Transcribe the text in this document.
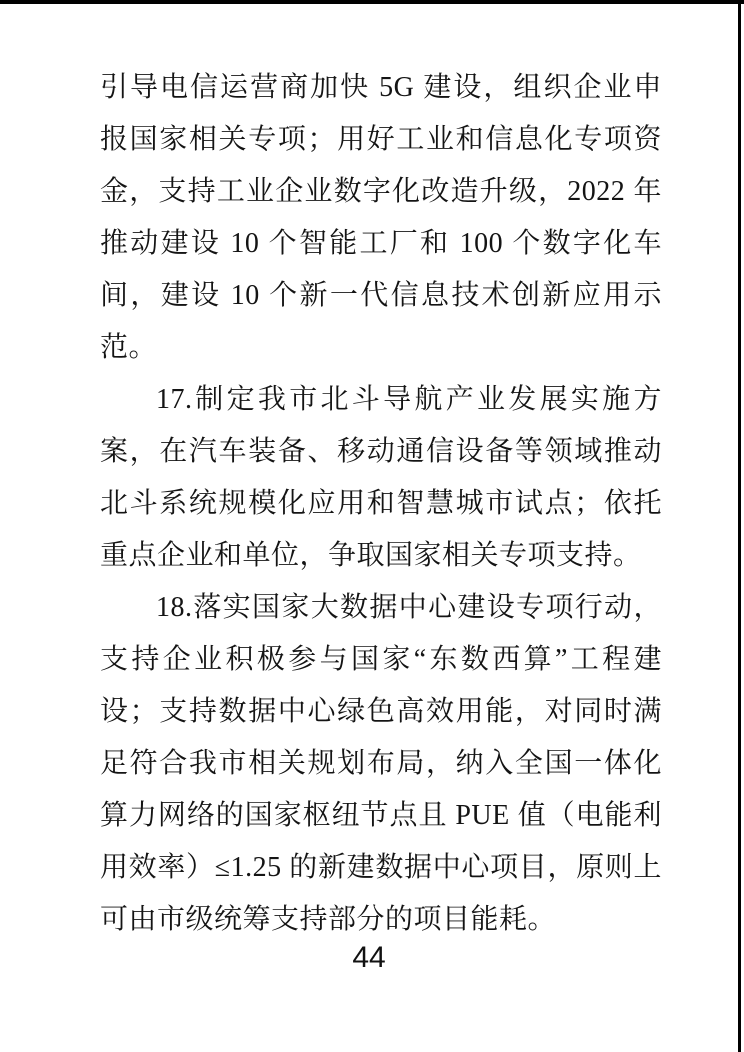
引导电信运营商加快 5G 建设，组织企业申报国家相关专项；用好工业和信息化专项资金，支持工业企业数字化改造升级，2022 年推动建设 10 个智能工厂和 100 个数字化车间，建设 10 个新一代信息技术创新应用示范。

17.制定我市北斗导航产业发展实施方案，在汽车装备、移动通信设备等领域推动北斗系统规模化应用和智慧城市试点；依托重点企业和单位，争取国家相关专项支持。

18.落实国家大数据中心建设专项行动，支持企业积极参与国家“东数西算”工程建设；支持数据中心绿色高效用能，对同时满足符合我市相关规划布局，纳入全国一体化算力网络的国家枢纽节点且 PUE 值（电能利用效率）≤1.25 的新建数据中心项目，原则上可由市级统筹支持部分的项目能耗。

44
